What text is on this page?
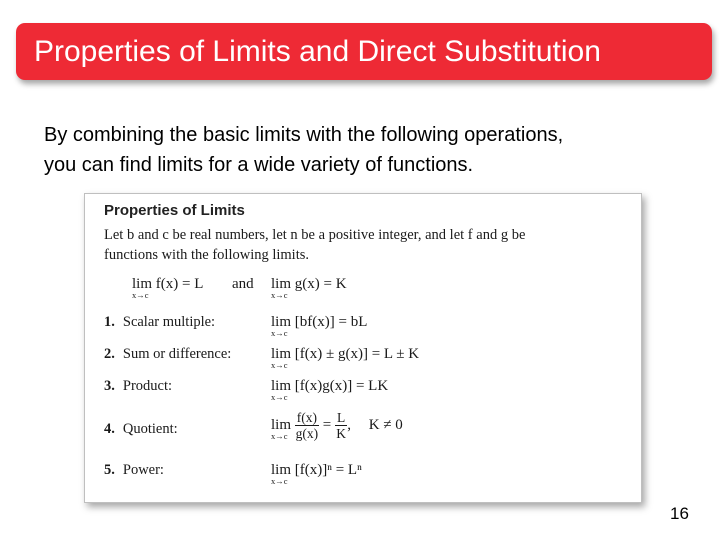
Properties of Limits and Direct Substitution
By combining the basic limits with the following operations,
you can find limits for a wide variety of functions.
Properties of Limits
Let b and c be real numbers, let n be a positive integer, and let f and g be
functions with the following limits.
lim f(x) = L
x→c
and lim g(x) = K
x→c
1. Scalar multiple:	lim [bf(x)] = bL
x→c
2. Sum or difference:	lim [f(x) ± g(x)] = L ± K
x→c
3. Product:	lim [f(x)g(x)] = LK
x→c
4. Quotient:	lim
x→c
$\frac{f(x)}{g(x)} = \frac{L}{K}$ , K ≠ 0
5. Power:	lim [f(x)]ⁿ = Lⁿ
x→c
16
